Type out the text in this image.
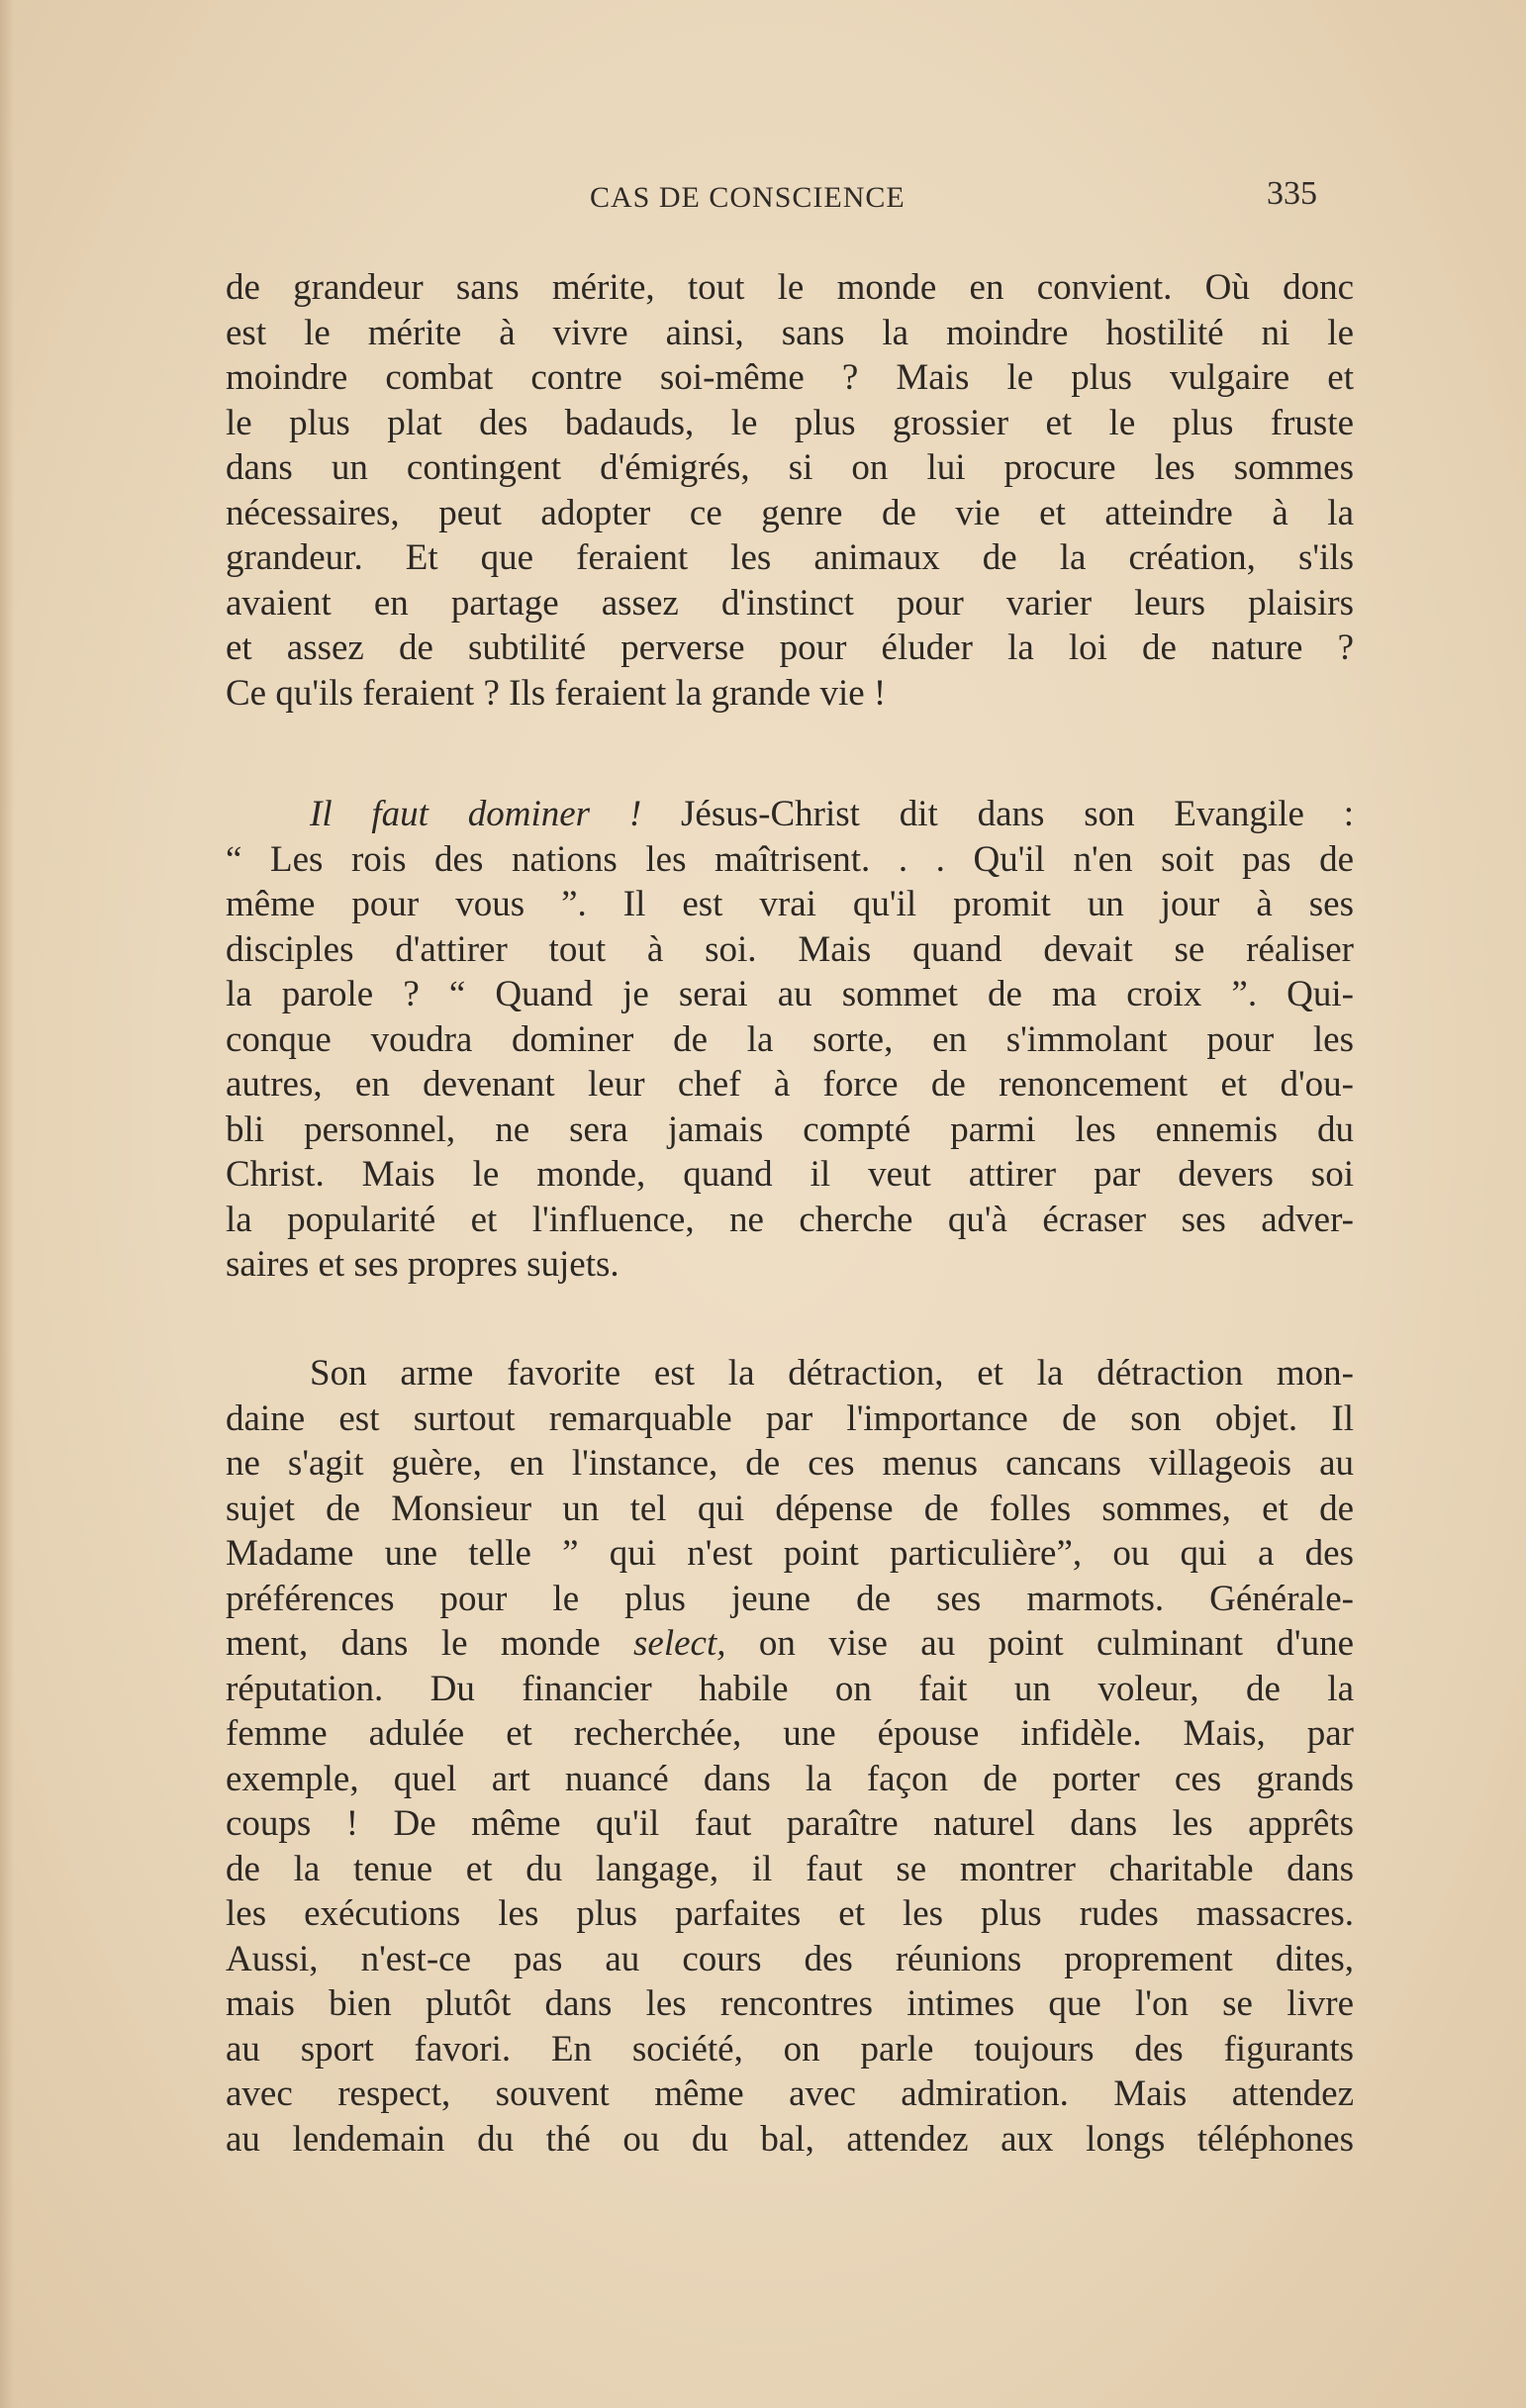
CAS DE CONSCIENCE	335
de grandeur sans mérite, tout le monde en convient. Où donc
est le mérite à vivre ainsi, sans la moindre hostilité ni le
moindre combat contre soi-même ? Mais le plus vulgaire et
le plus plat des badauds, le plus grossier et le plus fruste
dans un contingent d'émigrés, si on lui procure les sommes
nécessaires, peut adopter ce genre de vie et atteindre à la
grandeur. Et que feraient les animaux de la création, s'ils
avaient en partage assez d'instinct pour varier leurs plaisirs
et assez de subtilité perverse pour éluder la loi de nature ?
Ce qu'ils feraient ? Ils feraient la grande vie !
Il faut dominer ! Jésus-Christ dit dans son Evangile :
“ Les rois des nations les maîtrisent. . . Qu'il n'en soit pas de
même pour vous ”. Il est vrai qu'il promit un jour à ses
disciples d'attirer tout à soi. Mais quand devait se réaliser
la parole ? “ Quand je serai au sommet de ma croix ”. Qui-
conque voudra dominer de la sorte, en s'immolant pour les
autres, en devenant leur chef à force de renoncement et d'ou-
bli personnel, ne sera jamais compté parmi les ennemis du
Christ. Mais le monde, quand il veut attirer par devers soi
la popularité et l'influence, ne cherche qu'à écraser ses adver-
saires et ses propres sujets.
Son arme favorite est la détraction, et la détraction mon-
daine est surtout remarquable par l'importance de son objet. Il
ne s'agit guère, en l'instance, de ces menus cancans villageois au
sujet de Monsieur un tel qui dépense de folles sommes, et de
Madame une telle ” qui n'est point particulière”, ou qui a des
préférences pour le plus jeune de ses marmots. Générale-
ment, dans le monde select, on vise au point culminant d'une
réputation. Du financier habile on fait un voleur, de la
femme adulée et recherchée, une épouse infidèle. Mais, par
exemple, quel art nuancé dans la façon de porter ces grands
coups ! De même qu'il faut paraître naturel dans les apprêts
de la tenue et du langage, il faut se montrer charitable dans
les exécutions les plus parfaites et les plus rudes massacres.
Aussi, n'est-ce pas au cours des réunions proprement dites,
mais bien plutôt dans les rencontres intimes que l'on se livre
au sport favori. En société, on parle toujours des figurants
avec respect, souvent même avec admiration. Mais attendez
au lendemain du thé ou du bal, attendez aux longs téléphones
